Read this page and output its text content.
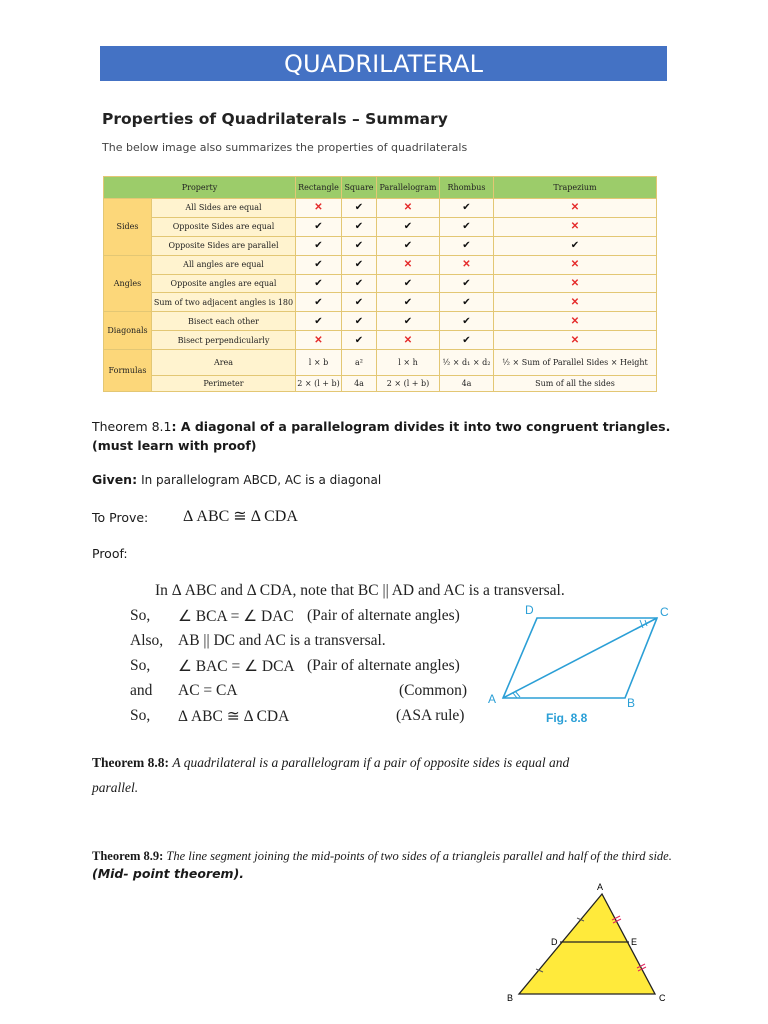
QUADRILATERAL
Properties of Quadrilaterals – Summary
The below image also summarizes the properties of quadrilaterals
Property		Rectangle	Square	Parallelogram	Rhombus	Trapezium
Sides	All Sides are equal	✕	✔	✕	✔	✕
	Opposite Sides are equal	✔	✔	✔	✔	✕
	Opposite Sides are parallel	✔	✔	✔	✔	✔
Angles	All angles are equal	✔	✔	✕	✕	✕
	Opposite angles are equal	✔	✔	✔	✔	✕
	Sum of two adjacent angles is 180	✔	✔	✔	✔	✕
Diagonals	Bisect each other	✔	✔	✔	✔	✕
	Bisect perpendicularly	✕	✔	✕	✔	✕
Formulas	Area	l × b	a²	l × h	½ × d₁ × d₂	½ × Sum of Parallel Sides × Height
	Perimeter	2 × (l + b)	4a	2 × (l + b)	4a	Sum of all the sides
Theorem 8.1: A diagonal of a parallelogram divides it into two congruent triangles. (must learn with proof)
Given: In parallelogram ABCD, AC is a diagonal
To Prove: Δ ABC ≅ Δ CDA
Proof:
In Δ ABC and Δ CDA, note that BC || AD and AC is a transversal.
So, ∠ BCA = ∠ DAC (Pair of alternate angles)
Also, AB || DC and AC is a transversal.
So, ∠ BAC = ∠ DCA (Pair of alternate angles)
and AC = CA	(Common)
So, Δ ABC ≅ Δ CDA	(ASA rule)
A	B
C
D
Fig. 8.8
Theorem 8.8: A quadrilateral is a parallelogram if a pair of opposite sides is equal and parallel.
Theorem 8.9: The line segment joining the mid-points of two sides of a triangleis parallel and half of the third side. (Mid- point theorem).
A
B	C
D	E
